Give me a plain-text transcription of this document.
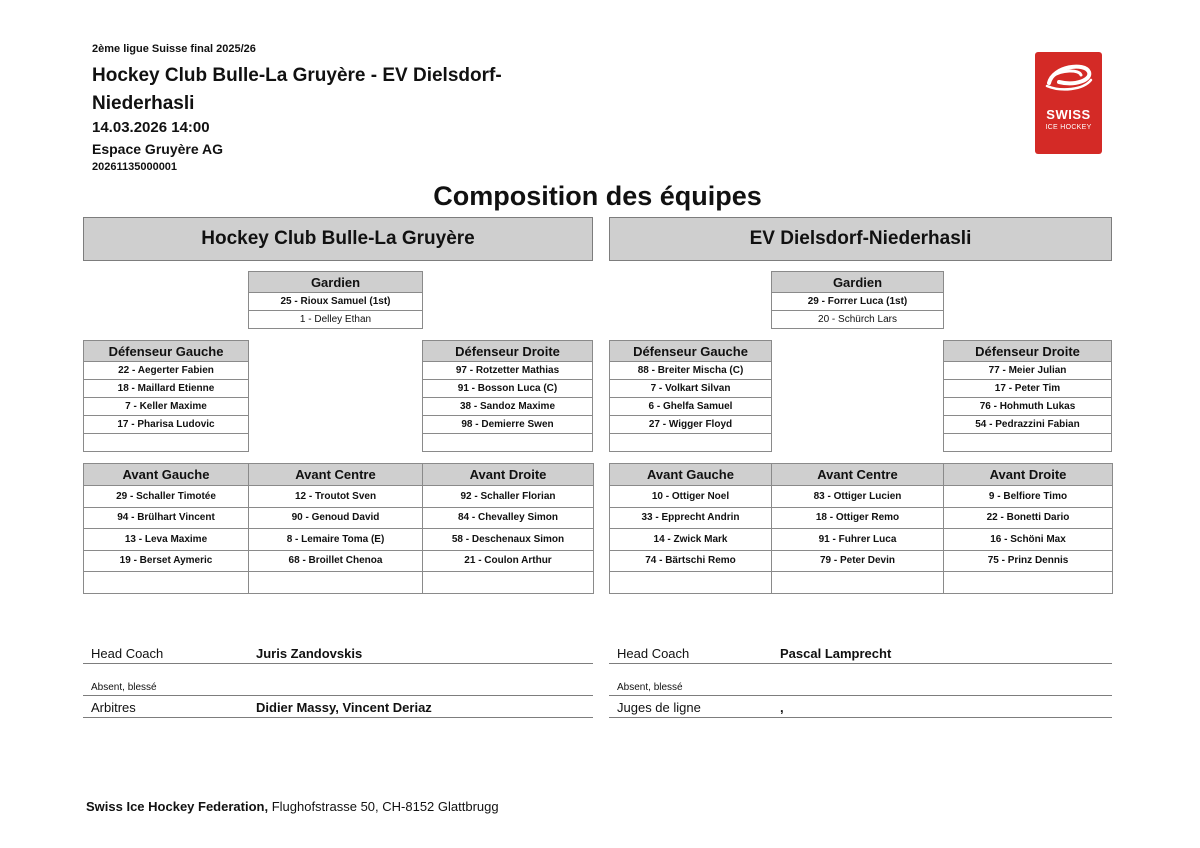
2ème ligue Suisse final 2025/26
Hockey Club Bulle-La Gruyère - EV Dielsdorf-Niederhasli
14.03.2026 14:00
Espace Gruyère AG
20261135000001
SWISS
ICE HOCKEY
Composition des équipes
Hockey Club Bulle-La Gruyère	EV Dielsdorf-Niederhasli
Gardien
25 - Rioux Samuel (1st)
1 - Delley Ethan
Gardien
29 - Forrer Luca (1st)
20 - Schürch Lars
Défenseur Gauche
22 - Aegerter Fabien
18 - Maillard Etienne
7 - Keller Maxime
17 - Pharisa Ludovic

Défenseur Droite
97 - Rotzetter Mathias
91 - Bosson Luca (C)
38 - Sandoz Maxime
98 - Demierre Swen

Défenseur Gauche
88 - Breiter Mischa (C)
7 - Volkart Silvan
6 - Ghelfa Samuel
27 - Wigger Floyd

Défenseur Droite
77 - Meier Julian
17 - Peter Tim
76 - Hohmuth Lukas
54 - Pedrazzini Fabian

Avant Gauche	Avant Centre	Avant Droite
29 - Schaller Timotée	12 - Troutot Sven	92 - Schaller Florian
94 - Brülhart Vincent	90 - Genoud David	84 - Chevalley Simon
13 - Leva Maxime	8 - Lemaire Toma (E)	58 - Deschenaux Simon
19 - Berset Aymeric	68 - Broillet Chenoa	21 - Coulon Arthur

Avant Gauche	Avant Centre	Avant Droite
10 - Ottiger Noel	83 - Ottiger Lucien	9 - Belfiore Timo
33 - Epprecht Andrin	18 - Ottiger Remo	22 - Bonetti Dario
14 - Zwick Mark	91 - Fuhrer Luca	16 - Schöni Max
74 - Bärtschi Remo	79 - Peter Devin	75 - Prinz Dennis

Head Coach	Juris Zandovskis
Absent, blessé
Arbitres	Didier Massy, Vincent Deriaz
Head Coach	Pascal Lamprecht
Absent, blessé
Juges de ligne	,
Swiss Ice Hockey Federation, Flughofstrasse 50, CH-8152 Glattbrugg
